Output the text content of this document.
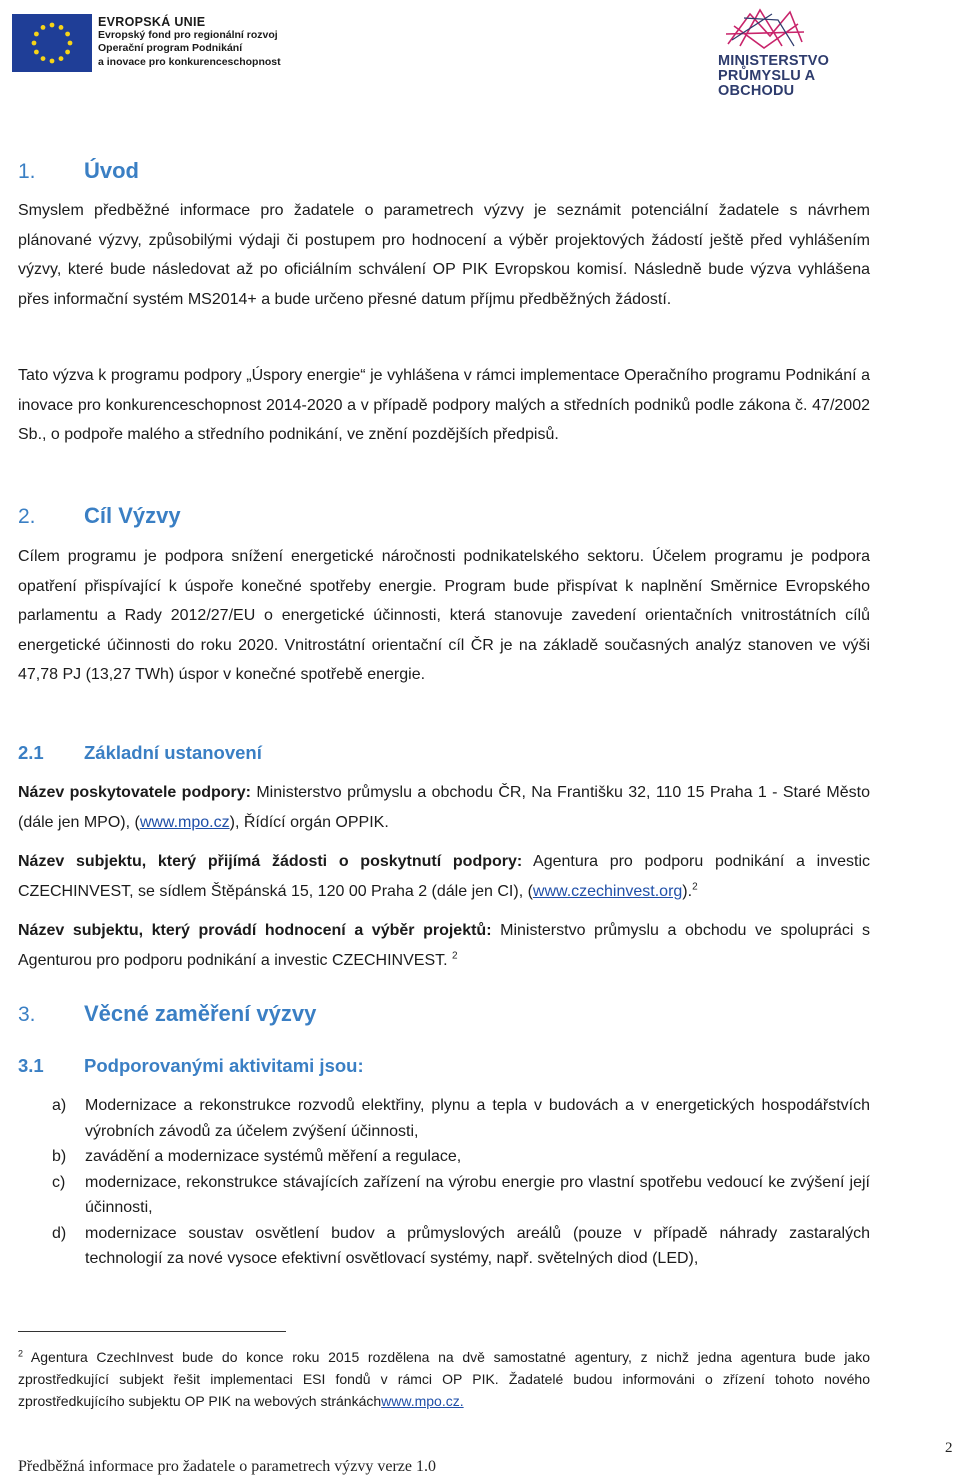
EVROPSKÁ UNIE
Evropský fond pro regionální rozvoj
Operační program Podnikání
a inovace pro konkurenceschopnost	MINISTERSTVO
PRŮMYSLU A OBCHODU
1. Úvod
Smyslem předběžné informace pro žadatele o parametrech výzvy je seznámit potenciální žadatele s návrhem plánované výzvy, způsobilými výdaji či postupem pro hodnocení a výběr projektových žádostí ještě před vyhlášením výzvy, které bude následovat až po oficiálním schválení OP PIK Evropskou komisí. Následně bude výzva vyhlášena přes informační systém MS2014+ a bude určeno přesné datum příjmu předběžných žádostí.
Tato výzva k programu podpory „Úspory energie“ je vyhlášena v rámci implementace Operačního programu Podnikání a inovace pro konkurenceschopnost 2014-2020 a v případě podpory malých a středních podniků podle zákona č. 47/2002 Sb., o podpoře malého a středního podnikání, ve znění pozdějších předpisů.
2. Cíl Výzvy
Cílem programu je podpora snížení energetické náročnosti podnikatelského sektoru. Účelem programu je podpora opatření přispívající k úspoře konečné spotřeby energie. Program bude přispívat k naplnění Směrnice Evropského parlamentu a Rady 2012/27/EU o energetické účinnosti, která stanovuje zavedení orientačních vnitrostátních cílů energetické účinnosti do roku 2020. Vnitrostátní orientační cíl ČR je na základě současných analýz stanoven ve výši 47,78 PJ (13,27 TWh) úspor v konečné spotřebě energie.
2.1 Základní ustanovení
Název poskytovatele podpory: Ministerstvo průmyslu a obchodu ČR, Na Františku 32, 110 15 Praha 1 - Staré Město (dále jen MPO), (www.mpo.cz), Řídící orgán OPPIK.
Název subjektu, který přijímá žádosti o poskytnutí podpory: Agentura pro podporu podnikání a investic CZECHINVEST, se sídlem Štěpánská 15, 120 00 Praha 2 (dále jen CI), (www.czechinvest.org).$^2$
Název subjektu, který provádí hodnocení a výběr projektů: Ministerstvo průmyslu a obchodu ve spolupráci s Agenturou pro podporu podnikání a investic CZECHINVEST. $^2$
3. Věcné zaměření výzvy
3.1 Podporovanými aktivitami jsou:
a) Modernizace a rekonstrukce rozvodů elektřiny, plynu a tepla v budovách a v energetických hospodářstvích výrobních závodů za účelem zvýšení účinnosti,
b) zavádění a modernizace systémů měření a regulace,
c) modernizace, rekonstrukce stávajících zařízení na výrobu energie pro vlastní spotřebu vedoucí ke zvýšení její účinnosti,
d) modernizace soustav osvětlení budov a průmyslových areálů (pouze v případě náhrady zastaralých technologií za nové vysoce efektivní osvětlovací systémy, např. světelných diod (LED),
$^2$ Agentura CzechInvest bude do konce roku 2015 rozdělena na dvě samostatné agentury, z nichž jedna agentura bude jako zprostředkující subjekt řešit implementaci ESI fondů v rámci OP PIK. Žadatelé budou informováni o zřízení tohoto nového zprostředkujícího subjektu OP PIK na webových stránkáchwww.mpo.cz.
Předběžná informace pro žadatele o parametrech výzvy verze 1.0
2
